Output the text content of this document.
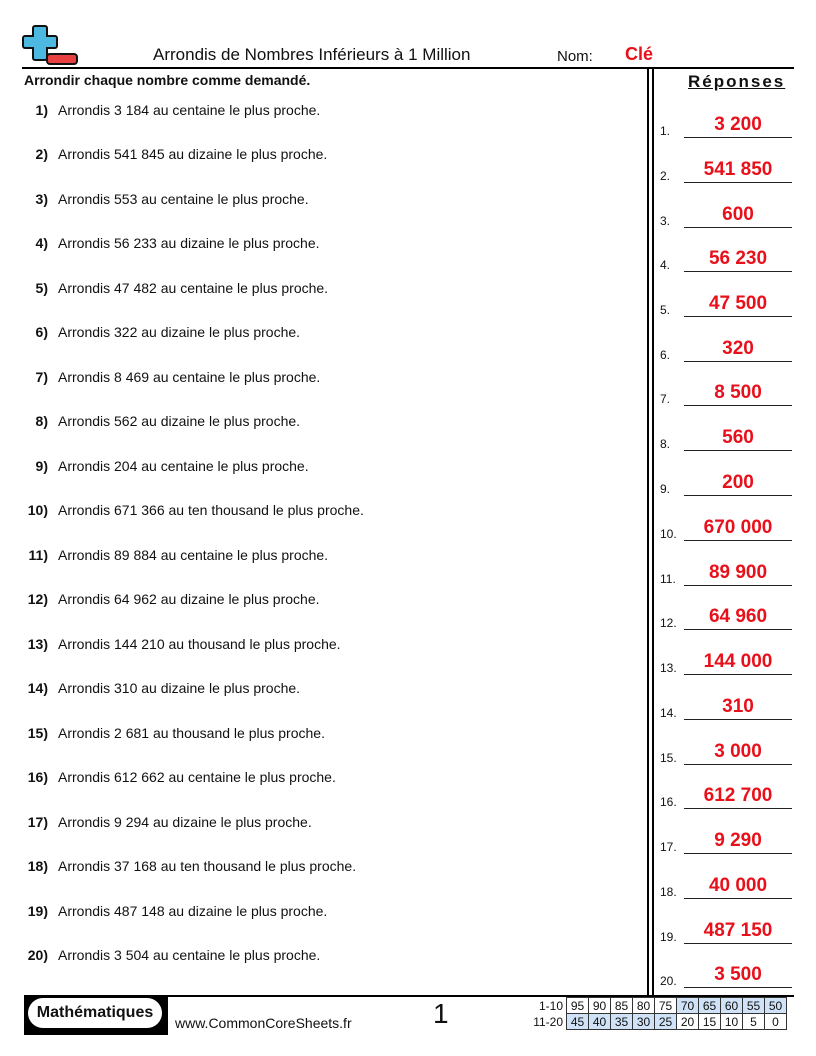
Arrondis de Nombres Inférieurs à 1 Million	Nom: Clé
Arrondir chaque nombre comme demandé.	Réponses
1) Arrondis 3 184 au centaine le plus proche.
2) Arrondis 541 845 au dizaine le plus proche.
3) Arrondis 553 au centaine le plus proche.
4) Arrondis 56 233 au dizaine le plus proche.
5) Arrondis 47 482 au centaine le plus proche.
6) Arrondis 322 au dizaine le plus proche.
7) Arrondis 8 469 au centaine le plus proche.
8) Arrondis 562 au dizaine le plus proche.
9) Arrondis 204 au centaine le plus proche.
10) Arrondis 671 366 au ten thousand le plus proche.
11) Arrondis 89 884 au centaine le plus proche.
12) Arrondis 64 962 au dizaine le plus proche.
13) Arrondis 144 210 au thousand le plus proche.
14) Arrondis 310 au dizaine le plus proche.
15) Arrondis 2 681 au thousand le plus proche.
16) Arrondis 612 662 au centaine le plus proche.
17) Arrondis 9 294 au dizaine le plus proche.
18) Arrondis 37 168 au ten thousand le plus proche.
19) Arrondis 487 148 au dizaine le plus proche.
20) Arrondis 3 504 au centaine le plus proche.
1.	3 200
2.	541 850
3.	600
4.	56 230
5.	47 500
6.	320
7.	8 500
8.	560
9.	200
10.	670 000
11.	89 900
12.	64 960
13.	144 000
14.	310
15.	3 000
16.	612 700
17.	9 290
18.	40 000
19.	487 150
20.	3 500
Mathématiques
www.CommonCoreSheets.fr	1	1-10	95	90	85	80	75	70	65	60	55	50
11-20	45	40	35	30	25	20	15	10	5	0
